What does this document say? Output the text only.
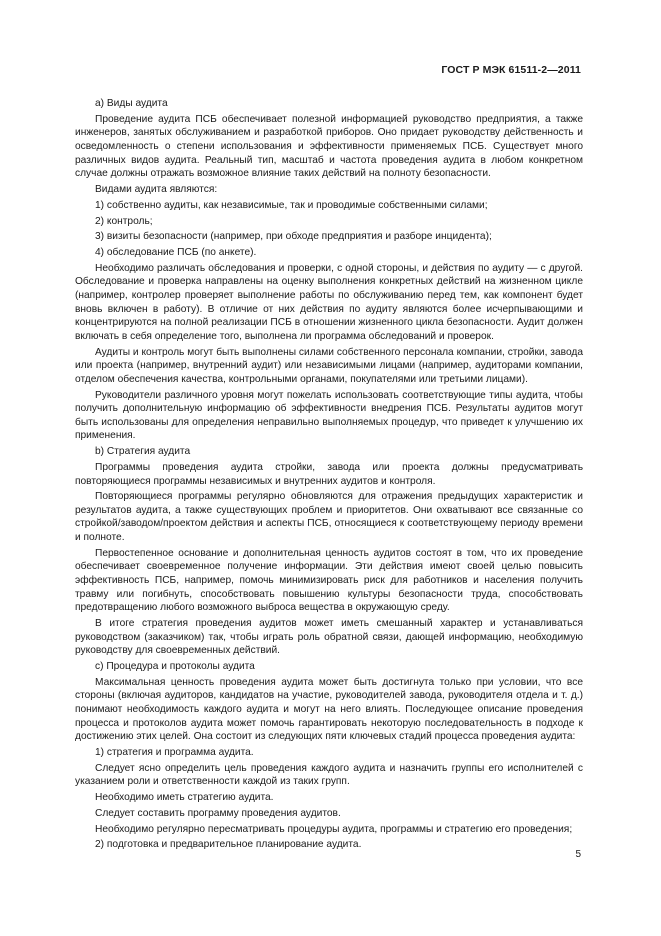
ГОСТ Р МЭК 61511-2—2011

а) Виды аудита

Проведение аудита ПСБ обеспечивает полезной информацией руководство предприятия, а также инженеров, занятых обслуживанием и разработкой приборов. Оно придает руководству действенность и осведомленность о степени использования и эффективности применяемых ПСБ. Существует много различных видов аудита. Реальный тип, масштаб и частота проведения аудита в любом конкретном случае должны отражать возможное влияние таких действий на полноту безопасности.

Видами аудита являются:

1) собственно аудиты, как независимые, так и проводимые собственными силами;

2) контроль;

3) визиты безопасности (например, при обходе предприятия и разборе инцидента);

4) обследование ПСБ (по анкете).

Необходимо различать обследования и проверки, с одной стороны, и действия по аудиту — с другой. Обследование и проверка направлены на оценку выполнения конкретных действий на жизненном цикле (например, контролер проверяет выполнение работы по обслуживанию перед тем, как компонент будет вновь включен в работу). В отличие от них действия по аудиту являются более исчерпывающими и концентрируются на полной реализации ПСБ в отношении жизненного цикла безопасности. Аудит должен включать в себя определение того, выполнена ли программа обследований и проверок.

Аудиты и контроль могут быть выполнены силами собственного персонала компании, стройки, завода или проекта (например, внутренний аудит) или независимыми лицами (например, аудиторами компании, отделом обеспечения качества, контрольными органами, покупателями или третьими лицами).

Руководители различного уровня могут пожелать использовать соответствующие типы аудита, чтобы получить дополнительную информацию об эффективности внедрения ПСБ. Результаты аудитов могут быть использованы для определения неправильно выполняемых процедур, что приведет к улучшению их применения.

b) Стратегия аудита

Программы проведения аудита стройки, завода или проекта должны предусматривать повторяющиеся программы независимых и внутренних аудитов и контроля.

Повторяющиеся программы регулярно обновляются для отражения предыдущих характеристик и результатов аудита, а также существующих проблем и приоритетов. Они охватывают все связанные со стройкой/заводом/проектом действия и аспекты ПСБ, относящиеся к соответствующему периоду времени и полноте.

Первостепенное основание и дополнительная ценность аудитов состоят в том, что их проведение обеспечивает своевременное получение информации. Эти действия имеют своей целью повысить эффективность ПСБ, например, помочь минимизировать риск для работников и населения получить травму или погибнуть, способствовать повышению культуры безопасности труда, способствовать предотвращению любого возможного выброса вещества в окружающую среду.

В итоге стратегия проведения аудитов может иметь смешанный характер и устанавливаться руководством (заказчиком) так, чтобы играть роль обратной связи, дающей информацию, необходимую руководству для своевременных действий.

c) Процедура и протоколы аудита

Максимальная ценность проведения аудита может быть достигнута только при условии, что все стороны (включая аудиторов, кандидатов на участие, руководителей завода, руководителя отдела и т. д.) понимают необходимость каждого аудита и могут на него влиять. Последующее описание проведения процесса и протоколов аудита может помочь гарантировать некоторую последовательность в подходе к достижению этих целей. Она состоит из следующих пяти ключевых стадий процесса проведения аудита:

1) стратегия и программа аудита.

Следует ясно определить цель проведения каждого аудита и назначить группы его исполнителей с указанием роли и ответственности каждой из таких групп.

Необходимо иметь стратегию аудита.

Следует составить программу проведения аудитов.

Необходимо регулярно пересматривать процедуры аудита, программы и стратегию его проведения;

2) подготовка и предварительное планирование аудита.

5
